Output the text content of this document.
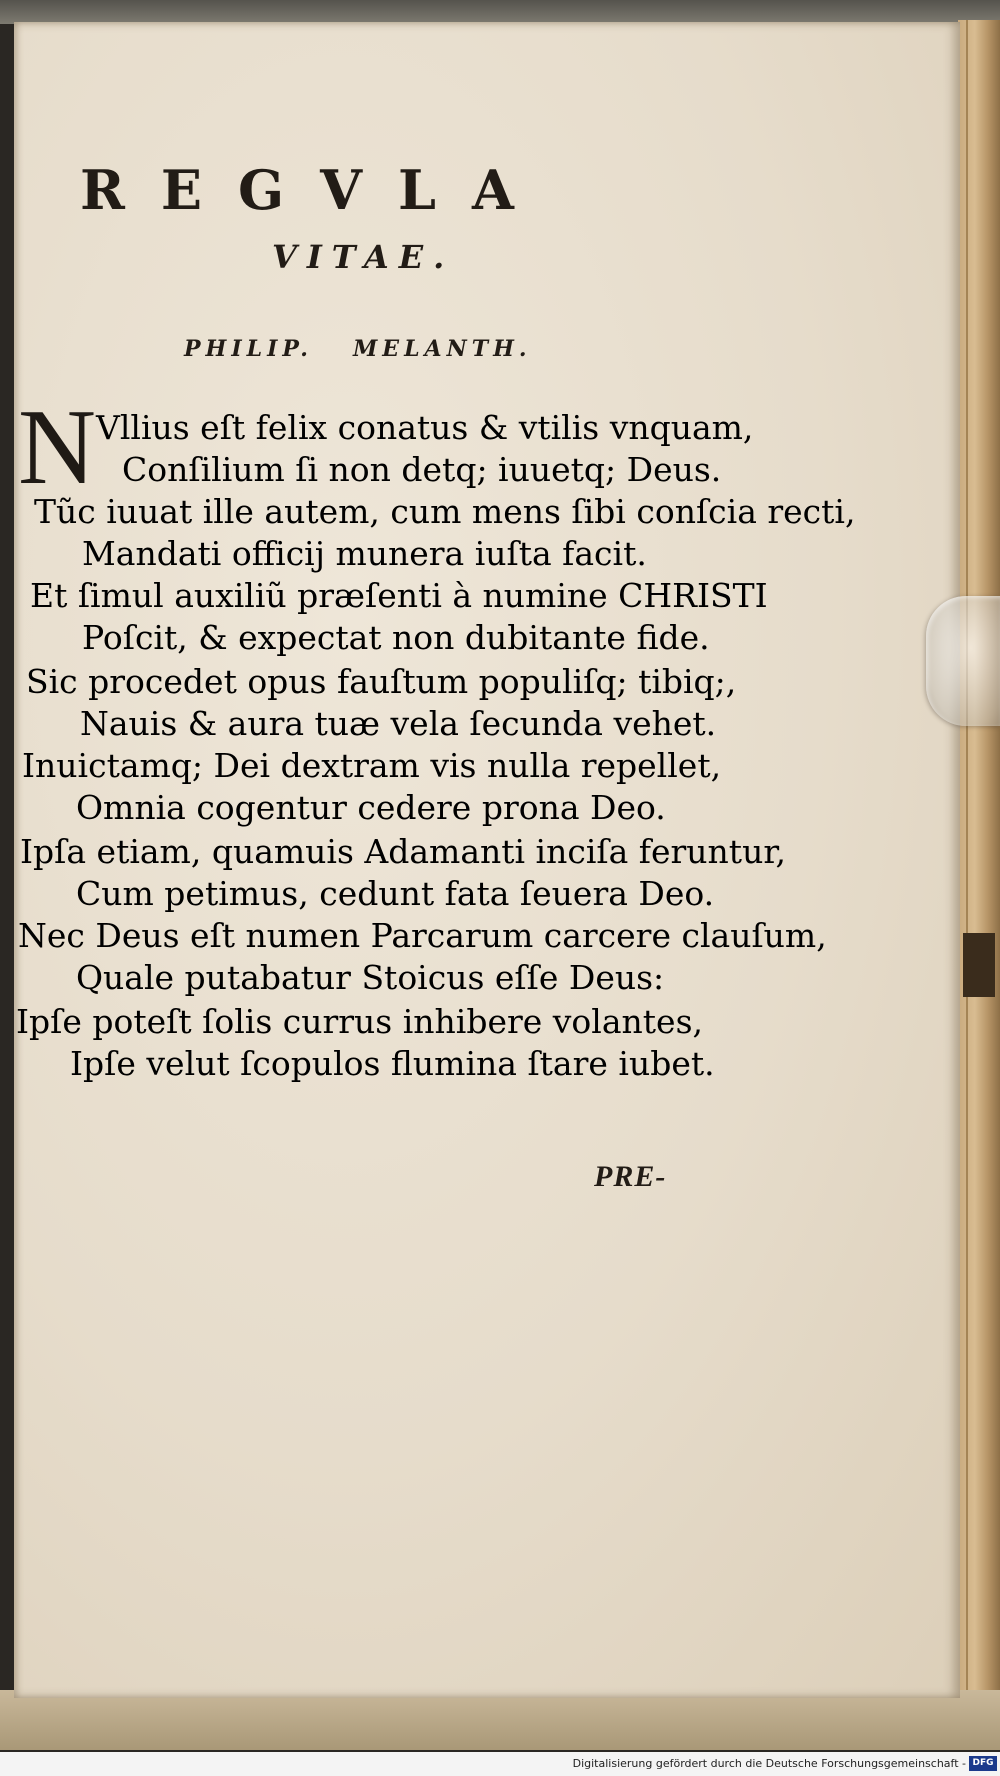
REGVLA
VITAE.
PHILIP. MELANTH.
N Vllius eſt felix conatus & vtilis vnquam,
Conſilium ſi non detq; iuuetq; Deus.
Tũc iuuat ille autem, cum mens ſibi conſcia recti,
Mandati officij munera iuſta facit.
Et ſimul auxiliũ præſenti à numine CHRISTI
Poſcit, & expectat non dubitante fide.
Sic procedet opus fauſtum populiſq; tibiq;,
Nauis & aura tuæ vela ſecunda vehet.
Inuictamq; Dei dextram vis nulla repellet,
Omnia cogentur cedere prona Deo.
Ipſa etiam, quamuis Adamanti inciſa feruntur,
Cum petimus, cedunt fata ſeuera Deo.
Nec Deus eſt numen Parcarum carcere clauſum,
Quale putabatur Stoicus eſſe Deus:
Ipſe poteſt ſolis currus inhibere volantes,
Ipſe velut ſcopulos flumina ſtare iubet.
PRE-
Digitalisierung gefördert durch die Deutsche Forschungsgemeinschaft - DFG
